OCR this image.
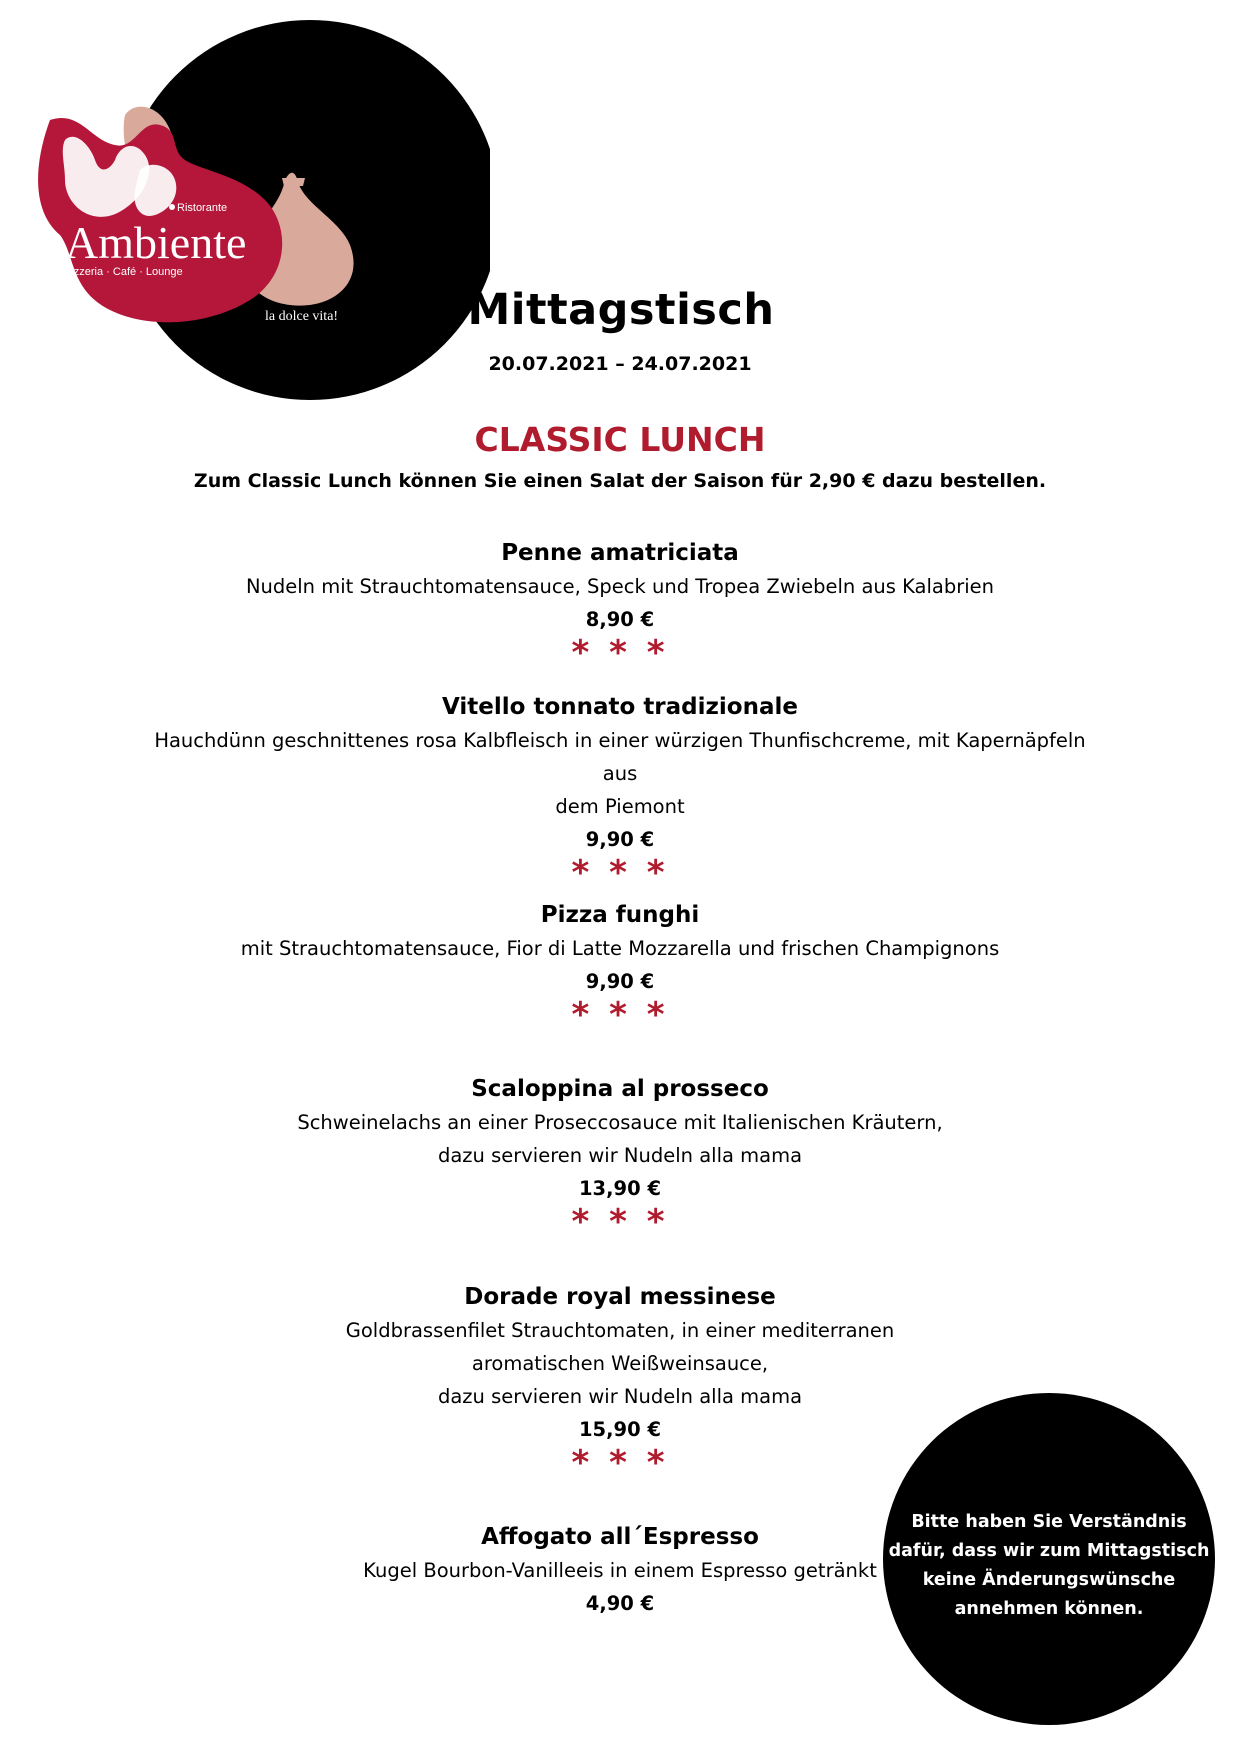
Ristorante
Ambiente
Pizzeria · Café · Lounge
la dolce vita!	Mittagstisch
20.07.2021 – 24.07.2021
CLASSIC LUNCH
Zum Classic Lunch können Sie einen Salat der Saison für 2,90 € dazu bestellen.
Penne amatriciata
Nudeln mit Strauchtomatensauce, Speck und Tropea Zwiebeln aus Kalabrien
8,90 €
* * *
Vitello tonnato tradizionale
Hauchdünn geschnittenes rosa Kalbfleisch in einer würzigen Thunfischcreme, mit Kapernäpfeln aus
dem Piemont
9,90 €
* * *
Pizza funghi
mit Strauchtomatensauce, Fior di Latte Mozzarella und frischen Champignons
9,90 €
* * *
Scaloppina al prosseco
Schweinelachs an einer Proseccosauce mit Italienischen Kräutern,
dazu servieren wir Nudeln alla mama
13,90 €
* * *
Dorade royal messinese
Goldbrassenfilet Strauchtomaten, in einer mediterranen
aromatischen Weißweinsauce,
dazu servieren wir Nudeln alla mama
15,90 €
* * *
Affogato all´Espresso
Kugel Bourbon-Vanilleeis in einem Espresso getränkt
4,90 €
Bitte haben Sie Verständnis
dafür, dass wir zum Mittagstisch
keine Änderungswünsche
annehmen können.
